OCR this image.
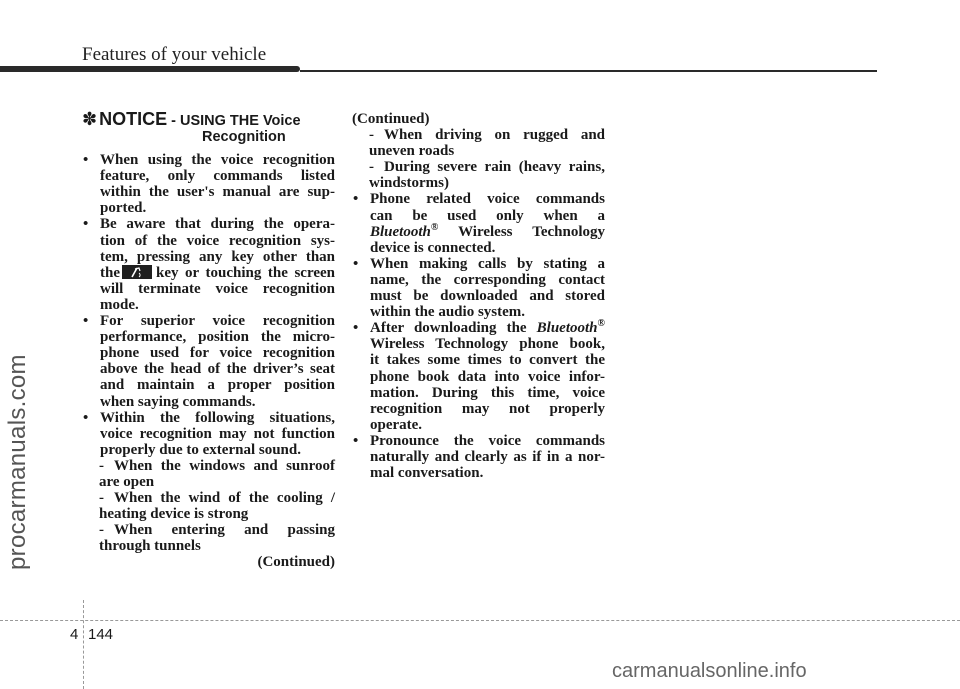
Features of your vehicle
procarmanuals.com
✽ NOTICE - USING THE Voice
Recognition
• When using the voice recognition
feature, only commands listed
within the user's manual are sup-
ported.
• Be aware that during the opera-
tion of the voice recognition sys-
tem, pressing any key other than
the key or touching the screen
will terminate voice recognition
mode.
• For superior voice recognition
performance, position the micro-
phone used for voice recognition
above the head of the driver’s seat
and maintain a proper position
when saying commands.
• Within the following situations,
voice recognition may not function
properly due to external sound.
- When the windows and sunroof
are open
- When the wind of the cooling /
heating device is strong
- When entering and passing
through tunnels

(Continued)

(Continued)

- When driving on rugged and
uneven roads
- During severe rain (heavy rains,
windstorms)
• Phone related voice commands
can be used only when a
Bluetooth® Wireless Technology
device is connected.
• When making calls by stating a
name, the corresponding contact
must be downloaded and stored
within the audio system.
• After downloading the Bluetooth®
Wireless Technology phone book,
it takes some times to convert the
phone book data into voice infor-
mation. During this time, voice
recognition may not properly
operate.
• Pronounce the voice commands
naturally and clearly as if in a nor-
mal conversation.
4 144
carmanualsonline.info
